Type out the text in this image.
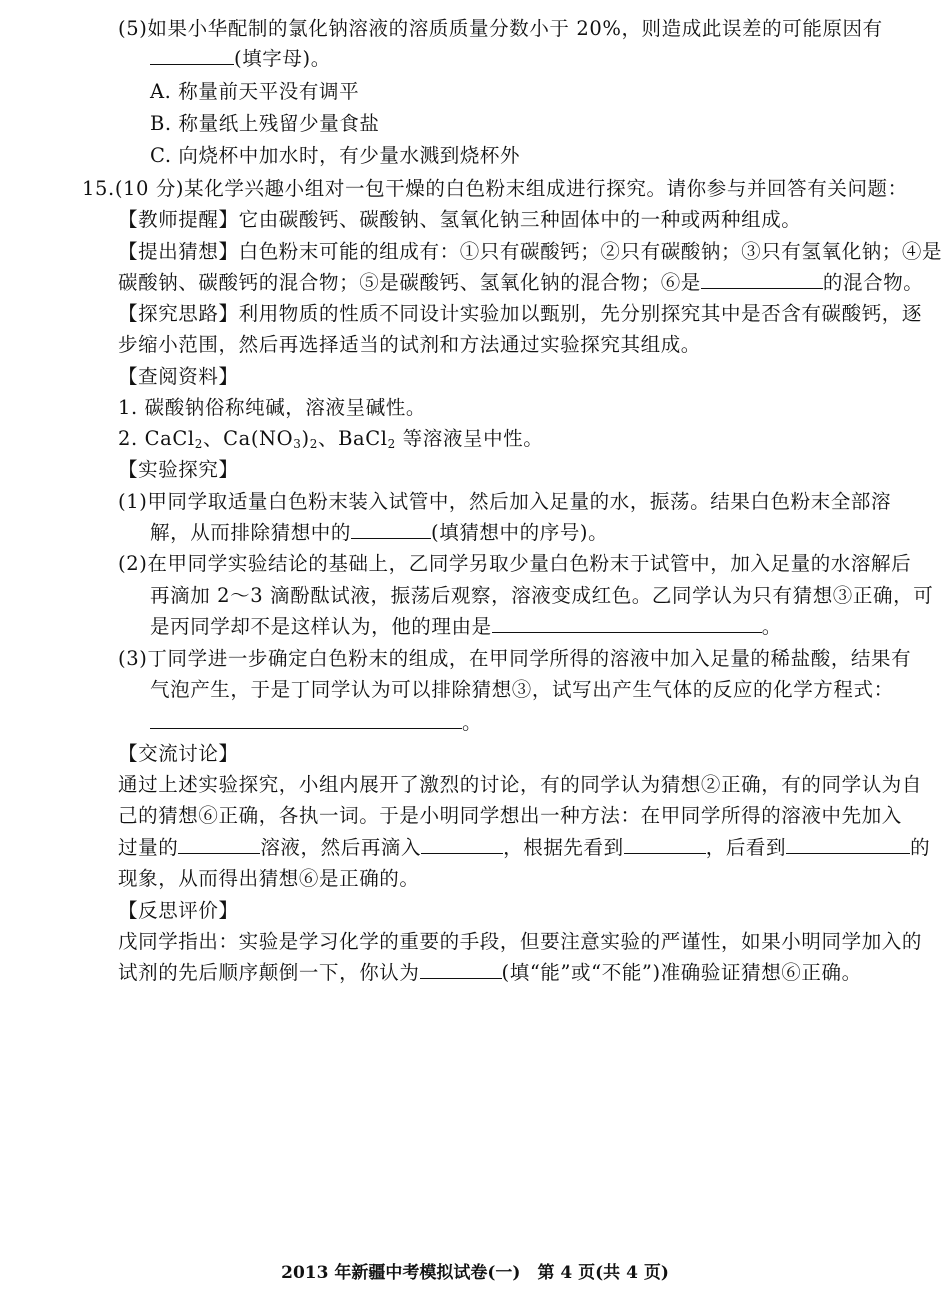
(5)如果小华配制的氯化钠溶液的溶质质量分数小于 20%，则造成此误差的可能原因有
(填字母)。
A. 称量前天平没有调平
B. 称量纸上残留少量食盐
C. 向烧杯中加水时，有少量水溅到烧杯外
15.(10 分)某化学兴趣小组对一包干燥的白色粉末组成进行探究。请你参与并回答有关问题：
【教师提醒】它由碳酸钙、碳酸钠、氢氧化钠三种固体中的一种或两种组成。
【提出猜想】白色粉末可能的组成有：①只有碳酸钙；②只有碳酸钠；③只有氢氧化钠；④是
碳酸钠、碳酸钙的混合物；⑤是碳酸钙、氢氧化钠的混合物；⑥是	的混合物。
【探究思路】利用物质的性质不同设计实验加以甄别，先分别探究其中是否含有碳酸钙，逐
步缩小范围，然后再选择适当的试剂和方法通过实验探究其组成。
【查阅资料】
1. 碳酸钠俗称纯碱，溶液呈碱性。
2. CaCl$_2$、$Ca(NO_3)_2$、BaCl$_2$ 等溶液呈中性。
【实验探究】
(1)甲同学取适量白色粉末装入试管中，然后加入足量的水，振荡。结果白色粉末全部溶
解，从而排除猜想中的	(填猜想中的序号)。
(2)在甲同学实验结论的基础上，乙同学另取少量白色粉末于试管中，加入足量的水溶解后
再滴加 2～3 滴酚酞试液，振荡后观察，溶液变成红色。乙同学认为只有猜想③正确，可
是丙同学却不是这样认为，他的理由是	。
(3)丁同学进一步确定白色粉末的组成，在甲同学所得的溶液中加入足量的稀盐酸，结果有
气泡产生，于是丁同学认为可以排除猜想③，试写出产生气体的反应的化学方程式：
。
【交流讨论】
通过上述实验探究，小组内展开了激烈的讨论，有的同学认为猜想②正确，有的同学认为自
己的猜想⑥正确，各执一词。于是小明同学想出一种方法：在甲同学所得的溶液中先加入
过量的	溶液，然后再滴入	，根据先看到	，后看到	的
现象，从而得出猜想⑥是正确的。
【反思评价】
戊同学指出：实验是学习化学的重要的手段，但要注意实验的严谨性，如果小明同学加入的
试剂的先后顺序颠倒一下，你认为	(填“能”或“不能”)准确验证猜想⑥正确。
2013 年新疆中考模拟试卷(一)　第 4 页(共 4 页)
